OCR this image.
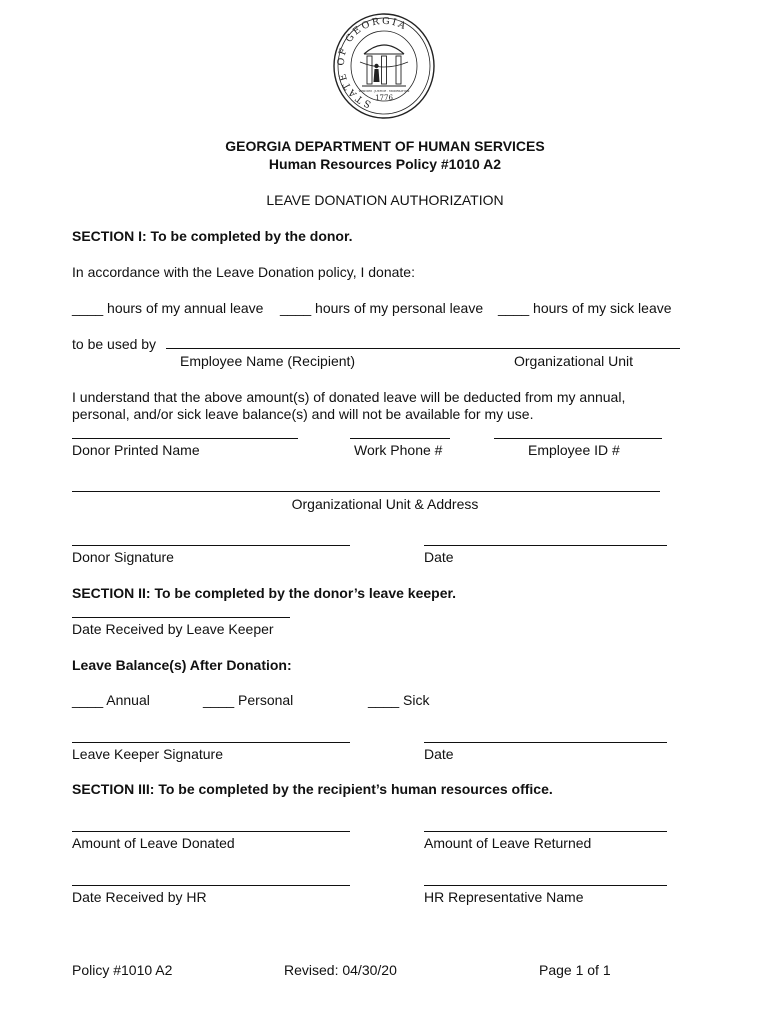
STATE OF GEORGIA
WISDOM · JUSTICE · MODERATION
1776
GEORGIA DEPARTMENT OF HUMAN SERVICES
Human Resources Policy #1010 A2
LEAVE DONATION AUTHORIZATION
SECTION I: To be completed by the donor.
In accordance with the Leave Donation policy, I donate:
____ hours of my annual leave ____ hours of my personal leave ____ hours of my sick leave
to be used by
Employee Name (Recipient)	Organizational Unit
I understand that the above amount(s) of donated leave will be deducted from my annual,
personal, and/or sick leave balance(s) and will not be available for my use.
Donor Printed Name	Work Phone #	Employee ID #
Organizational Unit & Address
Donor Signature	Date
SECTION II: To be completed by the donor’s leave keeper.
Date Received by Leave Keeper
Leave Balance(s) After Donation:
____ Annual	____ Personal	____ Sick
Leave Keeper Signature	Date
SECTION III: To be completed by the recipient’s human resources office.
Amount of Leave Donated	Amount of Leave Returned
Date Received by HR	HR Representative Name
Policy #1010 A2	Revised: 04/30/20	Page 1 of 1
